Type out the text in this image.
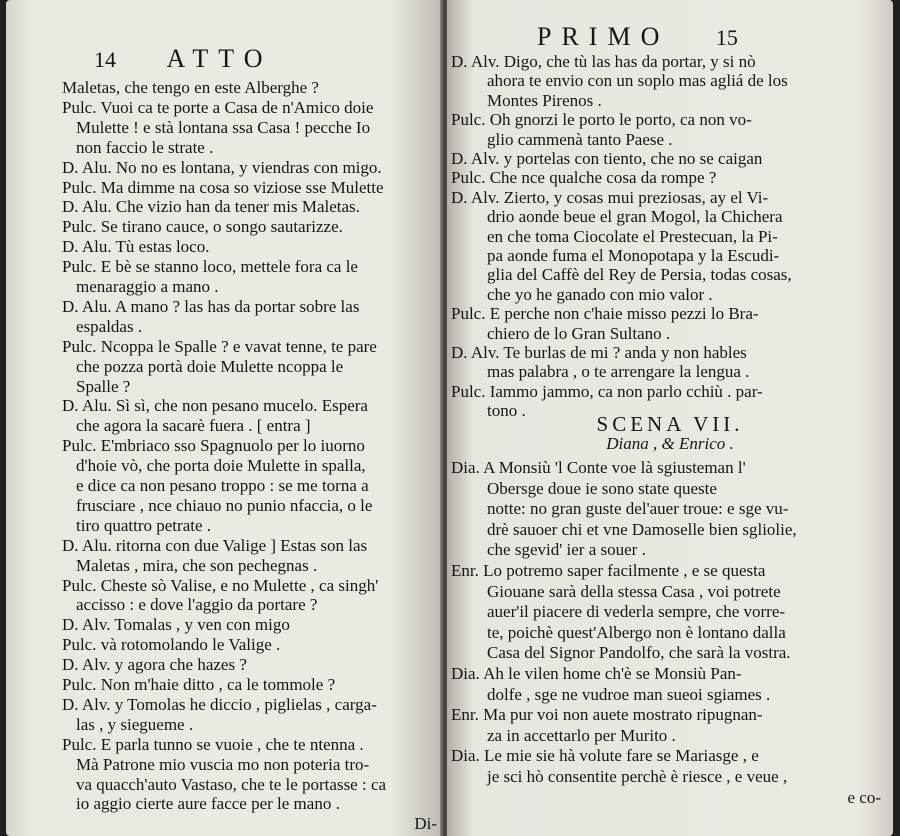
14 ATTO
Maletas, che tengo en este Alberghe ?
Pulc. Vuoi ca te porte a Casa de n'Amico doie
Mulette ! e stà lontana ssa Casa ! pecche Io
non faccio le strate .
D. Alu. No no es lontana, y viendras con migo.
Pulc. Ma dimme na cosa so viziose sse Mulette
D. Alu. Che vizio han da tener mis Maletas.
Pulc. Se tirano cauce, o songo sautarizze.
D. Alu. Tù estas loco.
Pulc. E bè se stanno loco, mettele fora ca le
menaraggio a mano .
D. Alu. A mano ? las has da portar sobre las
espaldas .
Pulc. Ncoppa le Spalle ? e vavat tenne, te pare
che pozza portà doie Mulette ncoppa le
Spalle ?
D. Alu. Sì sì, che non pesano mucelo. Espera
che agora la sacarè fuera . [ entra ]
Pulc. E'mbriaco sso Spagnuolo per lo iuorno
d'hoie vò, che porta doie Mulette in spalla,
e dice ca non pesano troppo : se me torna a
frusciare , nce chiauo no punio nfaccia, o le
tiro quattro petrate .
D. Alu. ritorna con due Valige ] Estas son las
Maletas , mira, che son pechegnas .
Pulc. Cheste sò Valise, e no Mulette , ca singh'
accisso : e dove l'aggio da portare ?
D. Alv. Tomalas , y ven con migo
Pulc. và rotomolando le Valige .
D. Alv. y agora che hazes ?
Pulc. Non m'haie ditto , ca le tommole ?
D. Alv. y Tomolas he diccio , piglielas , carga-
las , y siegueme .
Pulc. E parla tunno se vuoie , che te ntenna .
Mà Patrone mio vuscia mo non poteria tro-
va quacch'auto Vastaso, che te le portasse : ca
io aggio cierte aure facce per le mano .
Di-
PRIMO 15
D. Alv. Digo, che tù las has da portar, y si nò
ahora te envio con un soplo mas agliá de los
Montes Pirenos .
Pulc. Oh gnorzi le porto le porto, ca non vo-
glio cammenà tanto Paese .
D. Alv. y portelas con tiento, che no se caigan
Pulc. Che nce qualche cosa da rompe ?
D. Alv. Zierto, y cosas mui preziosas, ay el Vi-
drio aonde beue el gran Mogol, la Chichera
en che toma Ciocolate el Prestecuan, la Pi-
pa aonde fuma el Monopotapa y la Escudi-
glia del Caffè del Rey de Persia, todas cosas,
che yo he ganado con mio valor .
Pulc. E perche non c'haie misso pezzi lo Bra-
chiero de lo Gran Sultano .
D. Alv. Te burlas de mi ? anda y non hables
mas palabra , o te arrengare la lengua .
Pulc. Iammo jammo, ca non parlo cchiù . par-
tono .
SCENA VII.
Diana , & Enrico .
Dia. A Monsiù 'l Conte voe là sgiusteman l'
Obersge doue ie sono state queste
notte: no gran guste del'auer troue: e sge vu-
drè sauoer chi et vne Damoselle bien sgliolie,
che sgevid' ier a souer .
Enr. Lo potremo saper facilmente , e se questa
Giouane sarà della stessa Casa , voi potrete
auer'il piacere di vederla sempre, che vorre-
te, poichè quest'Albergo non è lontano dalla
Casa del Signor Pandolfo, che sarà la vostra.
Dia. Ah le vilen home ch'è se Monsiù Pan-
dolfe , sge ne vudroe man sueoi sgiames .
Enr. Ma pur voi non auete mostrato ripugnan-
za in accettarlo per Murito .
Dia. Le mie sie hà volute fare se Mariasge , e
je sci hò consentite perchè è riesce , e veue ,
e co-
